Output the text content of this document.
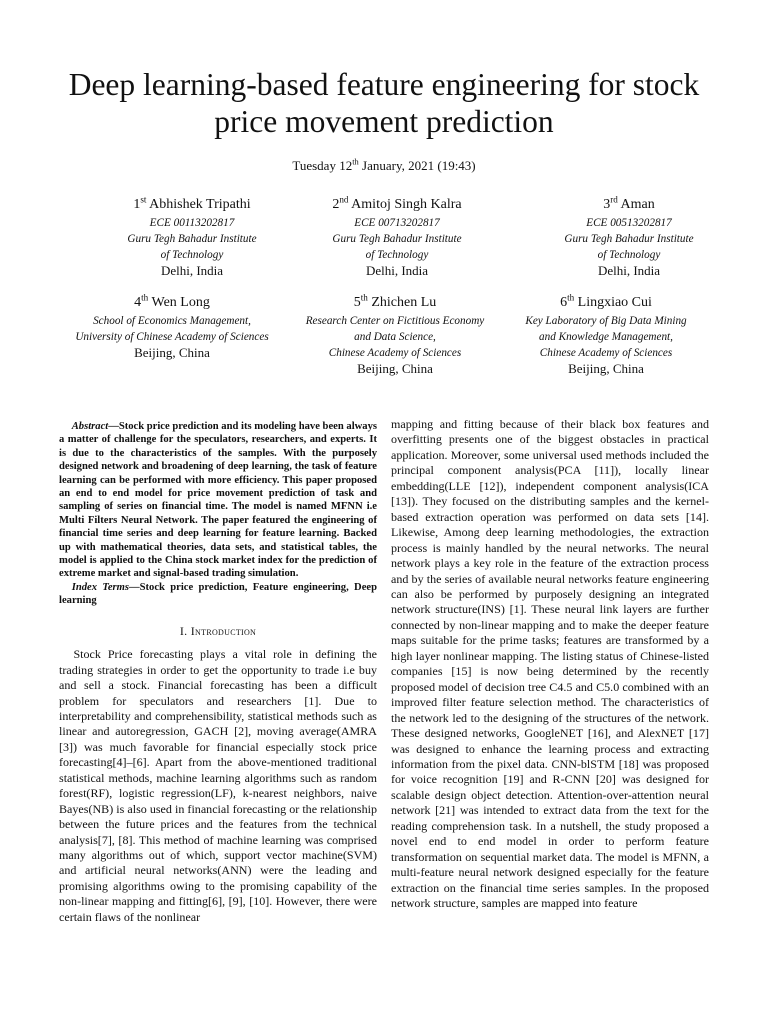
Deep learning-based feature engineering for stock price movement prediction
Tuesday 12th January, 2021 (19:43)
1st Abhishek Tripathi
ECE 00113202817
Guru Tegh Bahadur Institute
of Technology
Delhi, India
2nd Amitoj Singh Kalra
ECE 00713202817
Guru Tegh Bahadur Institute
of Technology
Delhi, India
3rd Aman
ECE 00513202817
Guru Tegh Bahadur Institute
of Technology
Delhi, India
4th Wen Long
School of Economics Management,
University of Chinese Academy of Sciences
Beijing, China
5th Zhichen Lu
Research Center on Fictitious Economy
and Data Science,
Chinese Academy of Sciences
Beijing, China
6th Lingxiao Cui
Key Laboratory of Big Data Mining
and Knowledge Management,
Chinese Academy of Sciences
Beijing, China

Abstract—Stock price prediction and its modeling have been always a matter of challenge for the speculators, researchers, and experts. It is due to the characteristics of the samples. With the purposely designed network and broadening of deep learning, the task of feature learning can be performed with more efficiency. This paper proposed an end to end model for price movement prediction of task and sampling of series on financial time. The model is named MFNN i.e Multi Filters Neural Network. The paper featured the engineering of financial time series and deep learning for feature learning. Backed up with mathematical theories, data sets, and statistical tables, the model is applied to the China stock market index for the prediction of extreme market and signal-based trading simulation.

Index Terms—Stock price prediction, Feature engineering, Deep learning

I. Introduction

Stock Price forecasting plays a vital role in defining the trading strategies in order to get the opportunity to trade i.e buy and sell a stock. Financial forecasting has been a difficult problem for speculators and researchers [1]. Due to interpretability and comprehensibility, statistical methods such as linear and autoregression, GACH [2], moving average(AMRA [3]) was much favorable for financial especially stock price forecasting[4]–[6]. Apart from the above-mentioned traditional statistical methods, machine learning algorithms such as random forest(RF), logistic regression(LF), k-nearest neighbors, naive Bayes(NB) is also used in financial forecasting or the relationship between the future prices and the features from the technical analysis[7], [8]. This method of machine learning was comprised many algorithms out of which, support vector machine(SVM) and artificial neural networks(ANN) were the leading and promising algorithms owing to the promising capability of the non-linear mapping and fitting[6], [9], [10]. However, there were certain flaws of the nonlinear

mapping and fitting because of their black box features and overfitting presents one of the biggest obstacles in practical application. Moreover, some universal used methods included the principal component analysis(PCA [11]), locally linear embedding(LLE [12]), independent component analysis(ICA [13]). They focused on the distributing samples and the kernel-based extraction operation was performed on data sets [14]. Likewise, Among deep learning methodologies, the extraction process is mainly handled by the neural networks. The neural network plays a key role in the feature of the extraction process and by the series of available neural networks feature engineering can also be performed by purposely designing an integrated network structure(INS) [1]. These neural link layers are further connected by non-linear mapping and to make the deeper feature maps suitable for the prime tasks; features are transformed by a high layer nonlinear mapping. The listing status of Chinese-listed companies [15] is now being determined by the recently proposed model of decision tree C4.5 and C5.0 combined with an improved filter feature selection method. The characteristics of the network led to the designing of the structures of the network. These designed networks, GoogleNET [16], and AlexNET [17] was designed to enhance the learning process and extracting information from the pixel data. CNN-blSTM [18] was proposed for voice recognition [19] and R-CNN [20] was designed for scalable design object detection. Attention-over-attention neural network [21] was intended to extract data from the text for the reading comprehension task. In a nutshell, the study proposed a novel end to end model in order to perform feature transformation on sequential market data. The model is MFNN, a multi-feature neural network designed especially for the feature extraction on the financial time series samples. In the proposed network structure, samples are mapped into feature
